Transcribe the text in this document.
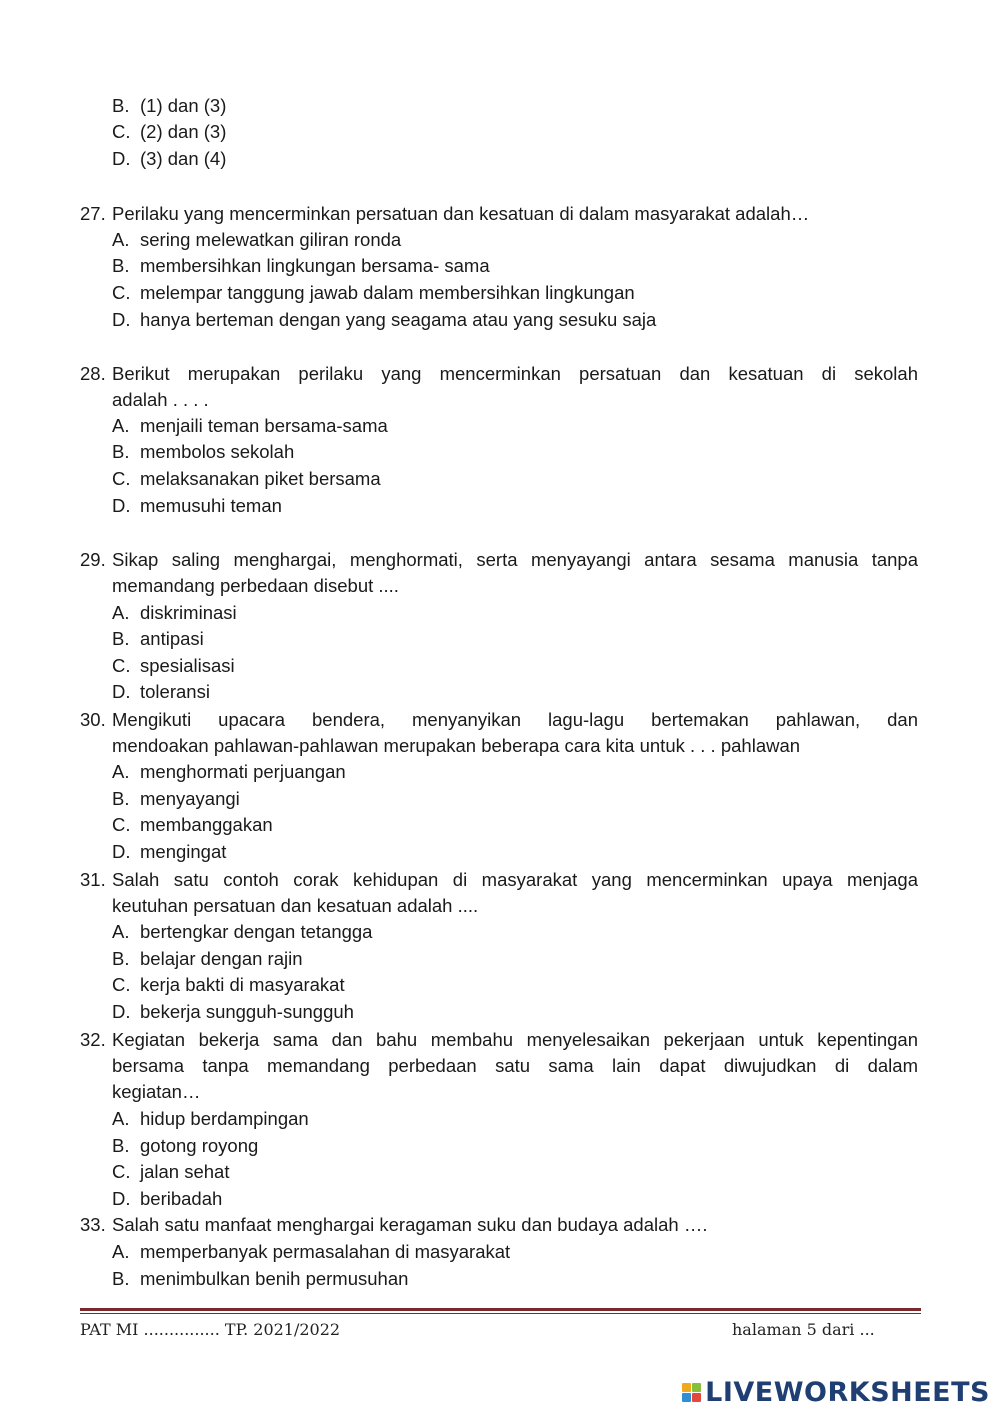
B. (1) dan (3)
C. (2) dan (3)
D. (3) dan (4)
27. Perilaku yang mencerminkan persatuan dan kesatuan di dalam masyarakat adalah…
A. sering melewatkan giliran ronda
B. membersihkan lingkungan bersama- sama
C. melempar tanggung jawab dalam membersihkan lingkungan
D. hanya berteman dengan yang seagama atau yang sesuku saja
28. Berikut merupakan perilaku yang mencerminkan persatuan dan kesatuan di sekolah
adalah . . . .
A. menjaili teman bersama-sama
B. membolos sekolah
C. melaksanakan piket bersama
D. memusuhi teman
29. Sikap saling menghargai, menghormati, serta menyayangi antara sesama manusia tanpa
memandang perbedaan disebut ....
A. diskriminasi
B. antipasi
C. spesialisasi
D. toleransi
30. Mengikuti upacara bendera, menyanyikan lagu-lagu bertemakan pahlawan, dan
mendoakan pahlawan-pahlawan merupakan beberapa cara kita untuk . . . pahlawan
A. menghormati perjuangan
B. menyayangi
C. membanggakan
D. mengingat
31. Salah satu contoh corak kehidupan di masyarakat yang mencerminkan upaya menjaga
keutuhan persatuan dan kesatuan adalah ....
A. bertengkar dengan tetangga
B. belajar dengan rajin
C. kerja bakti di masyarakat
D. bekerja sungguh-sungguh
32. Kegiatan bekerja sama dan bahu membahu menyelesaikan pekerjaan untuk kepentingan
bersama tanpa memandang perbedaan satu sama lain dapat diwujudkan di dalam
kegiatan…
A. hidup berdampingan
B. gotong royong
C. jalan sehat
D. beribadah
33. Salah satu manfaat menghargai keragaman suku dan budaya adalah ….
A. memperbanyak permasalahan di masyarakat
B. menimbulkan benih permusuhan
PAT MI ............... TP. 2021/2022	halaman 5 dari ...
LIVEWORKSHEETS
